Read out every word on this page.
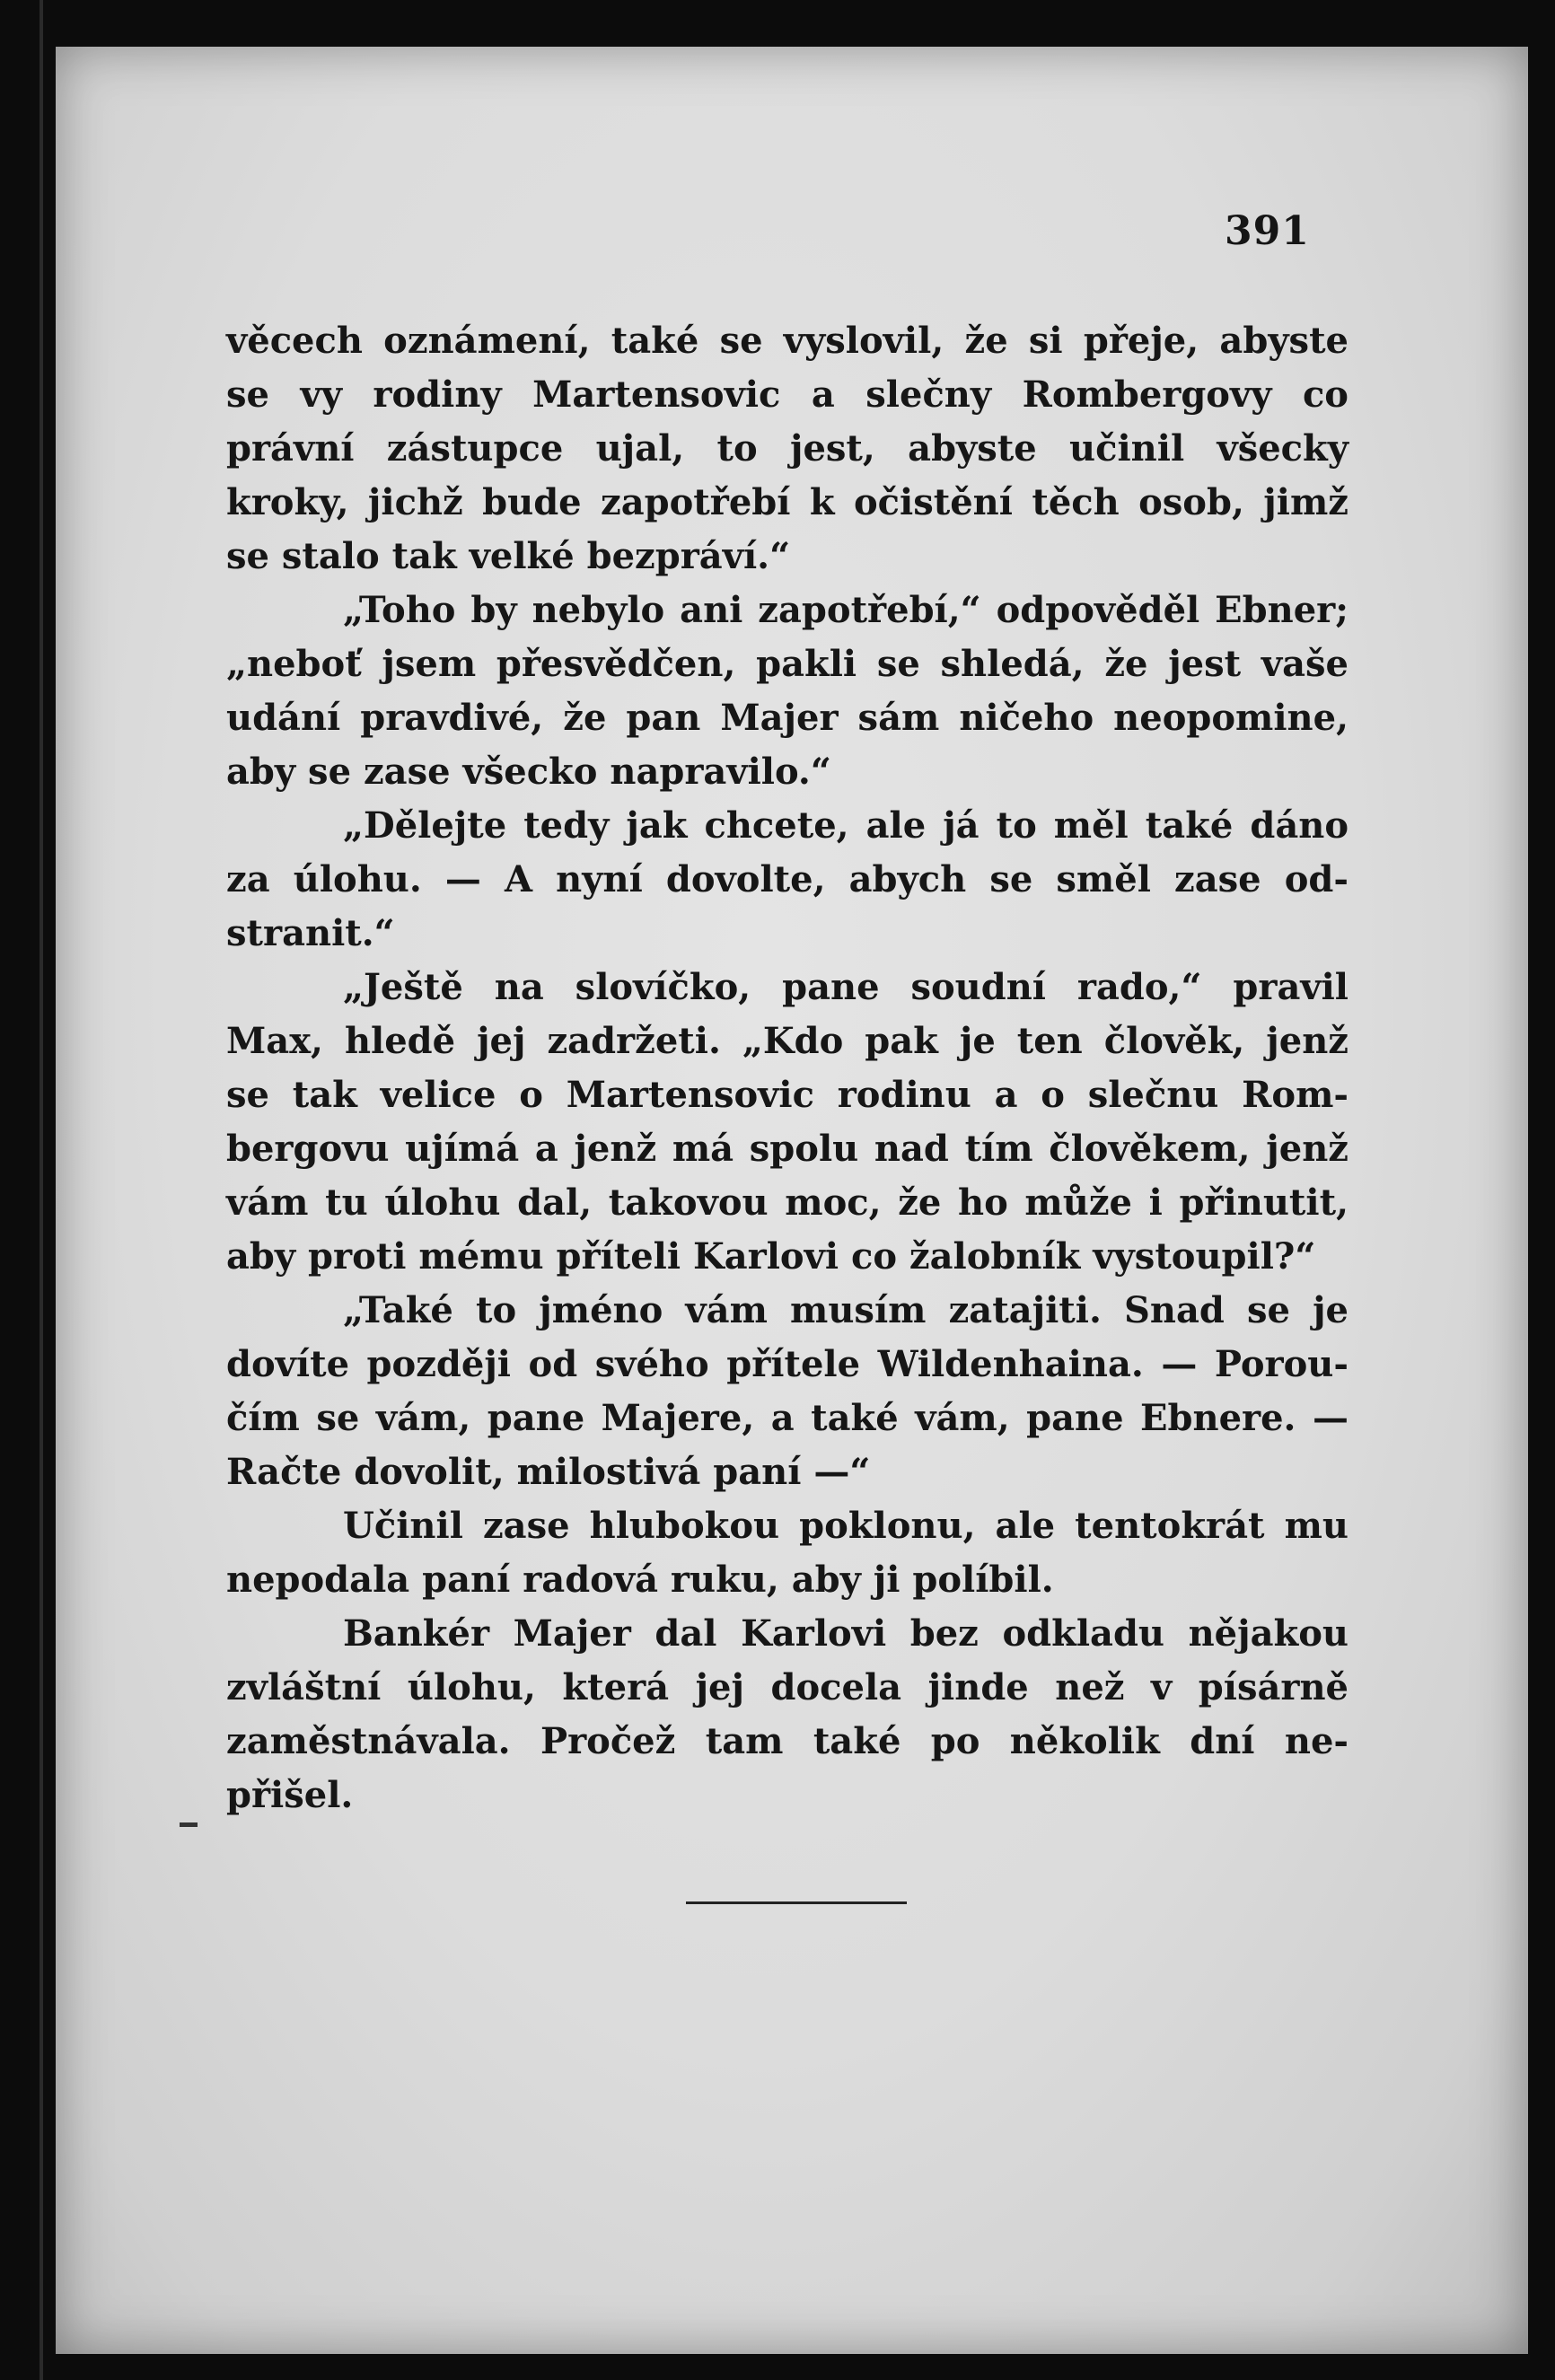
391
věcech oznámení, také se vyslovil, že si přeje, abyste
se vy rodiny Martensovic a slečny Rombergovy co
právní zástupce ujal, to jest, abyste učinil všecky
kroky, jichž bude zapotřebí k očistění těch osob, jimž
se stalo tak velké bezpráví.“
„Toho by nebylo ani zapotřebí,“ odpověděl Ebner;
„neboť jsem přesvědčen, pakli se shledá, že jest vaše
udání pravdivé, že pan Majer sám ničeho neopomine,
aby se zase všecko napravilo.“
„Dělejte tedy jak chcete, ale já to měl také dáno
za úlohu. — A nyní dovolte, abych se směl zase od-
stranit.“
„Ještě na slovíčko, pane soudní rado,“ pravil
Max, hledě jej zadržeti. „Kdo pak je ten člověk, jenž
se tak velice o Martensovic rodinu a o slečnu Rom-
bergovu ujímá a jenž má spolu nad tím člověkem, jenž
vám tu úlohu dal, takovou moc, že ho může i přinutit,
aby proti mému příteli Karlovi co žalobník vystoupil?“
„Také to jméno vám musím zatajiti. Snad se je
dovíte později od svého přítele Wildenhaina. — Porou-
čím se vám, pane Majere, a také vám, pane Ebnere. —
Račte dovolit, milostivá paní —“
Učinil zase hlubokou poklonu, ale tentokrát mu
nepodala paní radová ruku, aby ji políbil.
Bankér Majer dal Karlovi bez odkladu nějakou
zvláštní úlohu, která jej docela jinde než v písárně
zaměstnávala. Pročež tam také po několik dní ne-
přišel.
